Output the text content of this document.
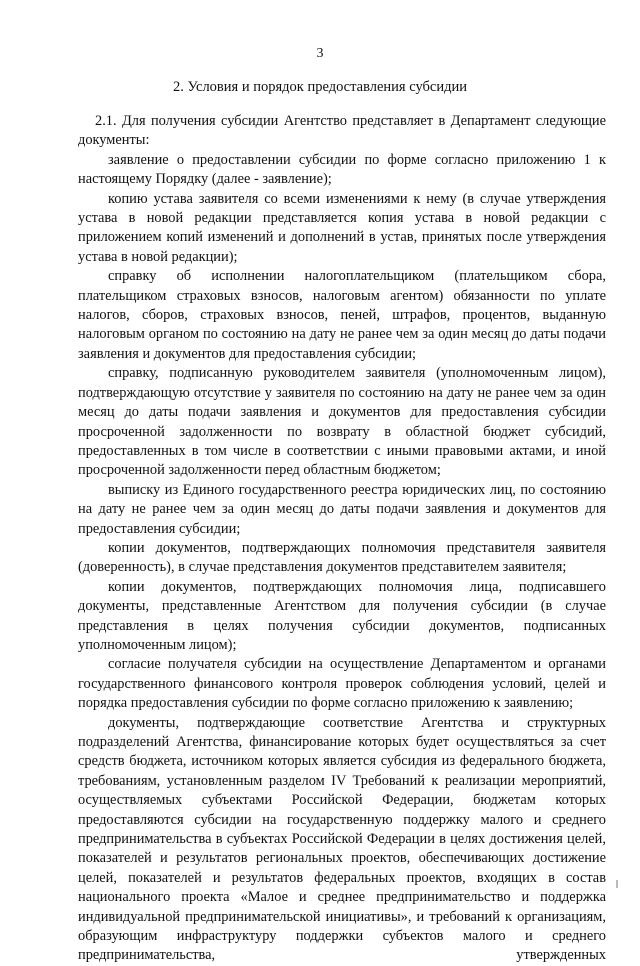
3
2. Условия и порядок предоставления субсидии

2.1. Для получения субсидии Агентство представляет в Департамент следующие документы:

заявление о предоставлении субсидии по форме согласно приложению 1 к настоящему Порядку (далее - заявление);

копию устава заявителя со всеми изменениями к нему (в случае утверждения устава в новой редакции представляется копия устава в новой редакции с приложением копий изменений и дополнений в устав, принятых после утверждения устава в новой редакции);

справку об исполнении налогоплательщиком (плательщиком сбора, плательщиком страховых взносов, налоговым агентом) обязанности по уплате налогов, сборов, страховых взносов, пеней, штрафов, процентов, выданную налоговым органом по состоянию на дату не ранее чем за один месяц до даты подачи заявления и документов для предоставления субсидии;

справку, подписанную руководителем заявителя (уполномоченным лицом), подтверждающую отсутствие у заявителя по состоянию на дату не ранее чем за один месяц до даты подачи заявления и документов для предоставления субсидии просроченной задолженности по возврату в областной бюджет субсидий, предоставленных в том числе в соответствии с иными правовыми актами, и иной просроченной задолженности перед областным бюджетом;

выписку из Единого государственного реестра юридических лиц, по состоянию на дату не ранее чем за один месяц до даты подачи заявления и документов для предоставления субсидии;

копии документов, подтверждающих полномочия представителя заявителя (доверенность), в случае представления документов представителем заявителя;

копии документов, подтверждающих полномочия лица, подписавшего документы, представленные Агентством для получения субсидии (в случае представления в целях получения субсидии документов, подписанных уполномоченным лицом);

согласие получателя субсидии на осуществление Департаментом и органами государственного финансового контроля проверок соблюдения условий, целей и порядка предоставления субсидии по форме согласно приложению к заявлению;

документы, подтверждающие соответствие Агентства и структурных подразделений Агентства, финансирование которых будет осуществляться за счет средств бюджета, источником которых является субсидия из федерального бюджета, требованиям, установленным разделом IV Требований к реализации мероприятий, осуществляемых субъектами Российской Федерации, бюджетам которых предоставляются субсидии на государственную поддержку малого и среднего предпринимательства в субъектах Российской Федерации в целях достижения целей, показателей и результатов региональных проектов, обеспечивающих достижение целей, показателей и результатов федеральных проектов, входящих в состав национального проекта «Малое и среднее предпринимательство и поддержка индивидуальной предпринимательской инициативы», и требований к организациям, образующим инфраструктуру поддержки субъектов малого и среднего предпринимательства, утвержденных
